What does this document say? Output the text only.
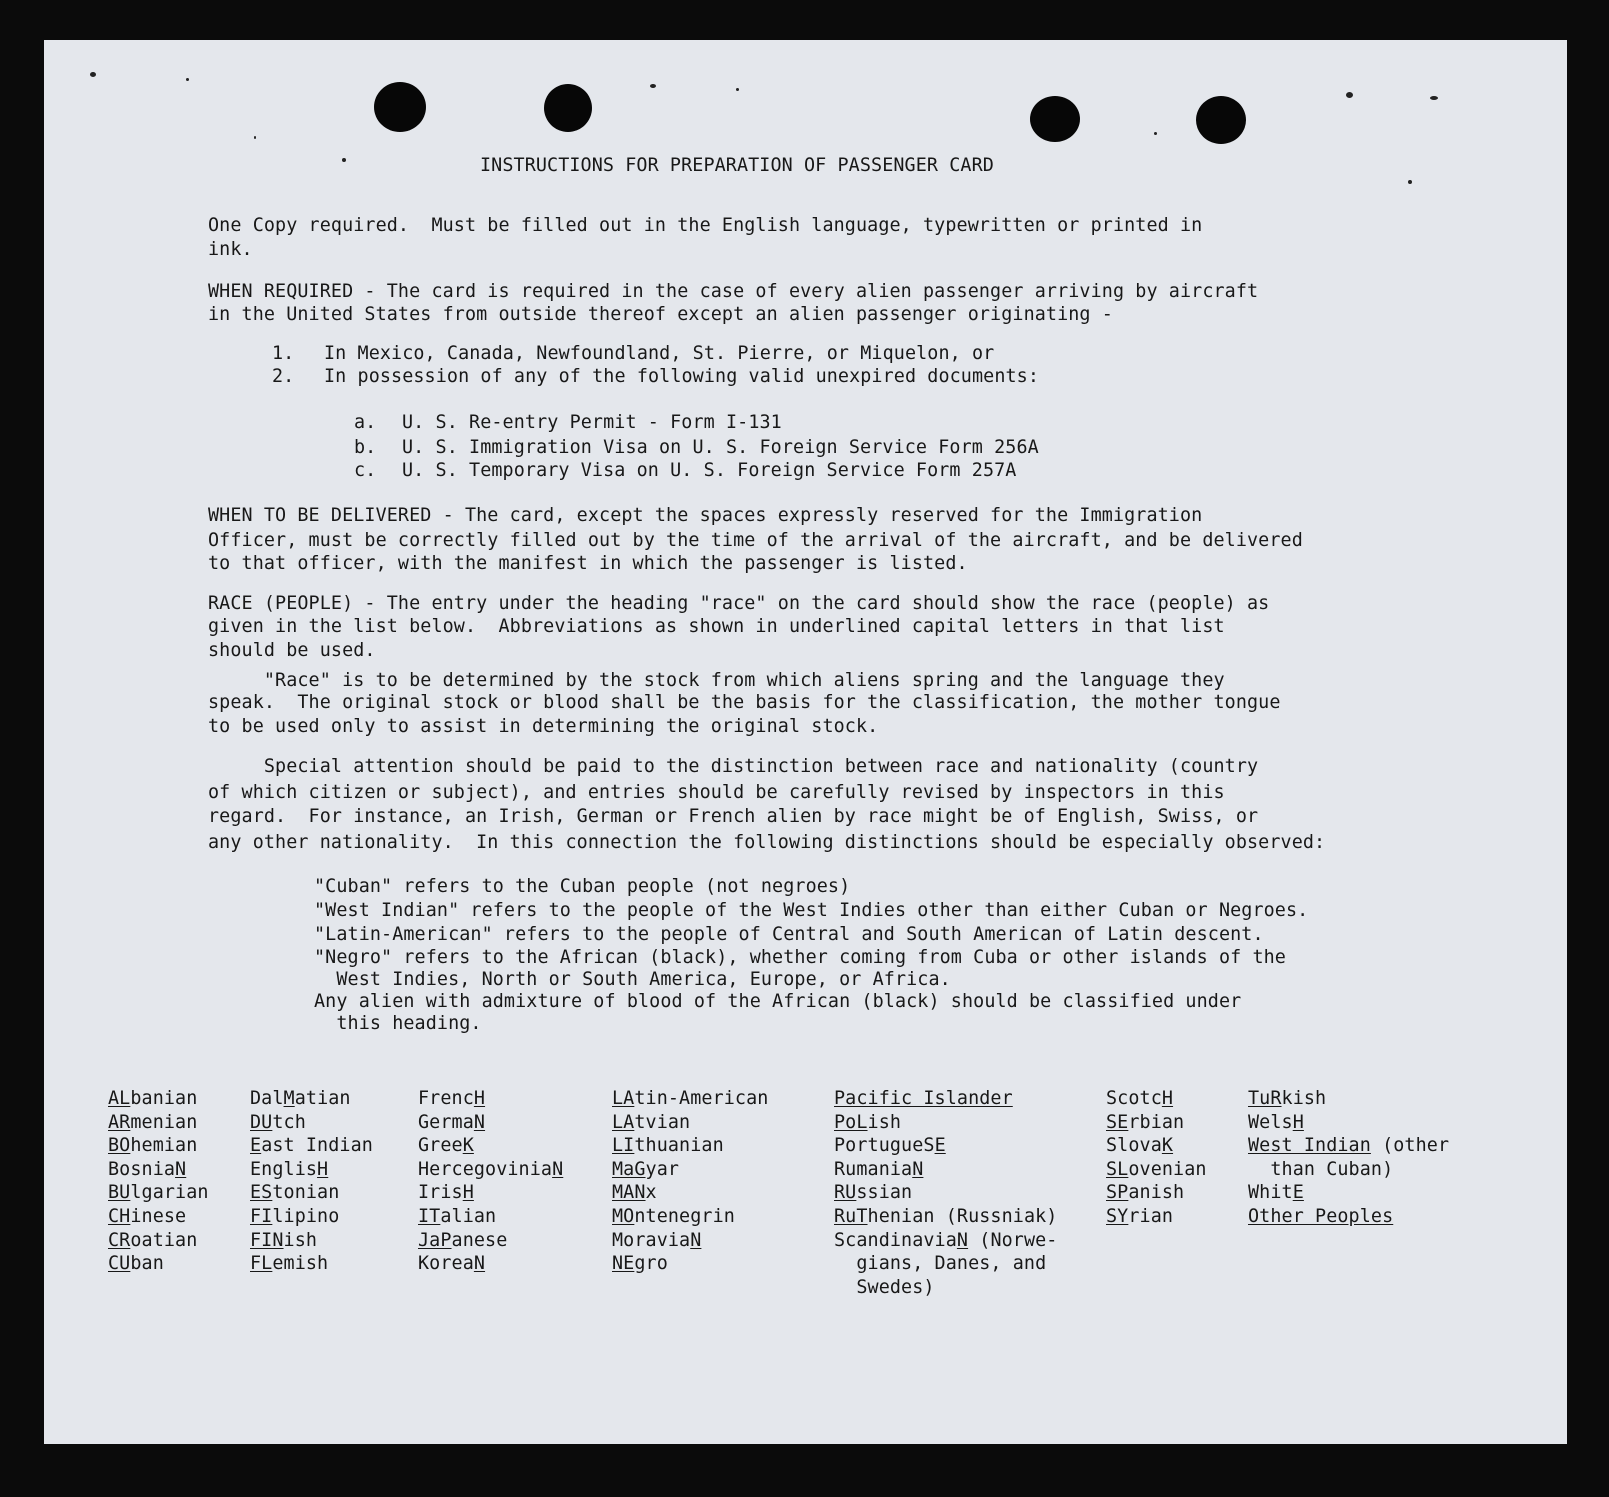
INSTRUCTIONS FOR PREPARATION OF PASSENGER CARD
One Copy required.  Must be filled out in the English language, typewritten or printed in
ink.
WHEN REQUIRED - The card is required in the case of every alien passenger arriving by aircraft
in the United States from outside thereof except an alien passenger originating -
1. In Mexico, Canada, Newfoundland, St. Pierre, or Miquelon, or
2. In possession of any of the following valid unexpired documents:
a. U. S. Re-entry Permit - Form I-131
b. U. S. Immigration Visa on U. S. Foreign Service Form 256A
c. U. S. Temporary Visa on U. S. Foreign Service Form 257A
WHEN TO BE DELIVERED - The card, except the spaces expressly reserved for the Immigration
Officer, must be correctly filled out by the time of the arrival of the aircraft, and be delivered
to that officer, with the manifest in which the passenger is listed.
RACE (PEOPLE) - The entry under the heading "race" on the card should show the race (people) as
given in the list below.  Abbreviations as shown in underlined capital letters in that list
should be used.
"Race" is to be determined by the stock from which aliens spring and the language they
speak.  The original stock or blood shall be the basis for the classification, the mother tongue
to be used only to assist in determining the original stock.
Special attention should be paid to the distinction between race and nationality (country
of which citizen or subject), and entries should be carefully revised by inspectors in this
regard.  For instance, an Irish, German or French alien by race might be of English, Swiss, or
any other nationality.  In this connection the following distinctions should be especially observed:
"Cuban" refers to the Cuban people (not negroes)
"West Indian" refers to the people of the West Indies other than either Cuban or Negroes.
"Latin-American" refers to the people of Central and South American of Latin descent.
"Negro" refers to the African (black), whether coming from Cuba or other islands of the
West Indies, North or South America, Europe, or Africa.
Any alien with admixture of blood of the African (black) should be classified under
this heading.
ALbanian
ARmenian
BOhemian
BosniaN
BUlgarian
CHinese
CRoatian
CUban
DalMatian
DUtch
East Indian
EnglisH
EStonian
FIlipino
FINish
FLemish
FrencH
GermaN
GreeK
HercegoviniaN
IrisH
ITalian
JaPanese
KoreaN
LAtin-American
LAtvian
LIthuanian
MaGyar
MANx
MOntenegrin
MoraviaN
NEgro
Pacific Islander
PoLish
PortugueSE
RumaniaN
RUssian
RuThenian (Russniak)
ScandinaviaN (Norwe-
gians, Danes, and
Swedes)
ScotcH
SErbian
SlovaK
SLovenian
SPanish
SYrian
TuRkish
WelsH
West Indian (other
than Cuban)
WhitE
Other Peoples
